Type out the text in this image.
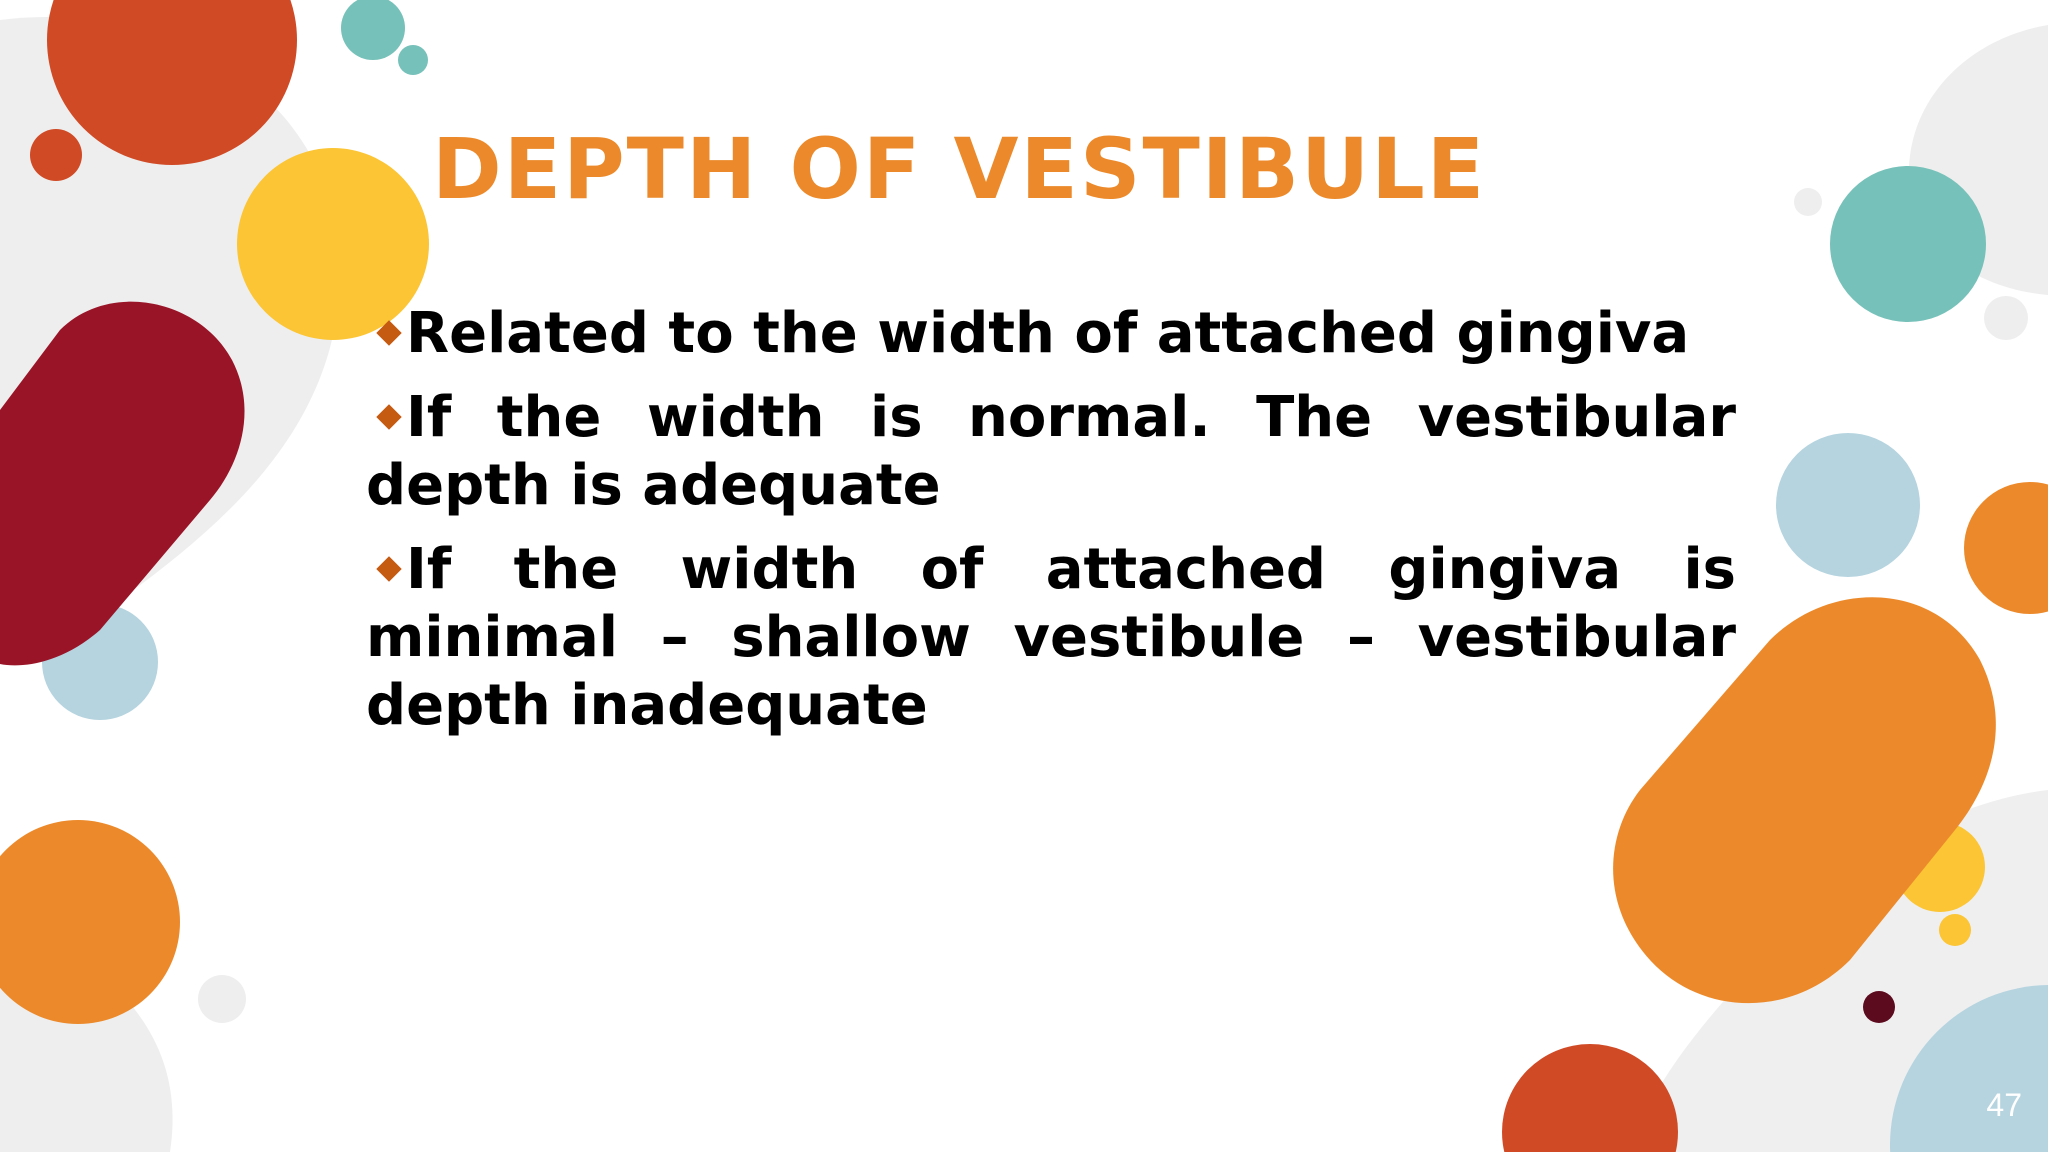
DEPTH OF VESTIBULE

Related to the width of attached gingiva

If the width is normal. The vestibular depth is adequate

If the width of attached gingiva is minimal – shallow vestibule – vestibular depth inadequate

47
